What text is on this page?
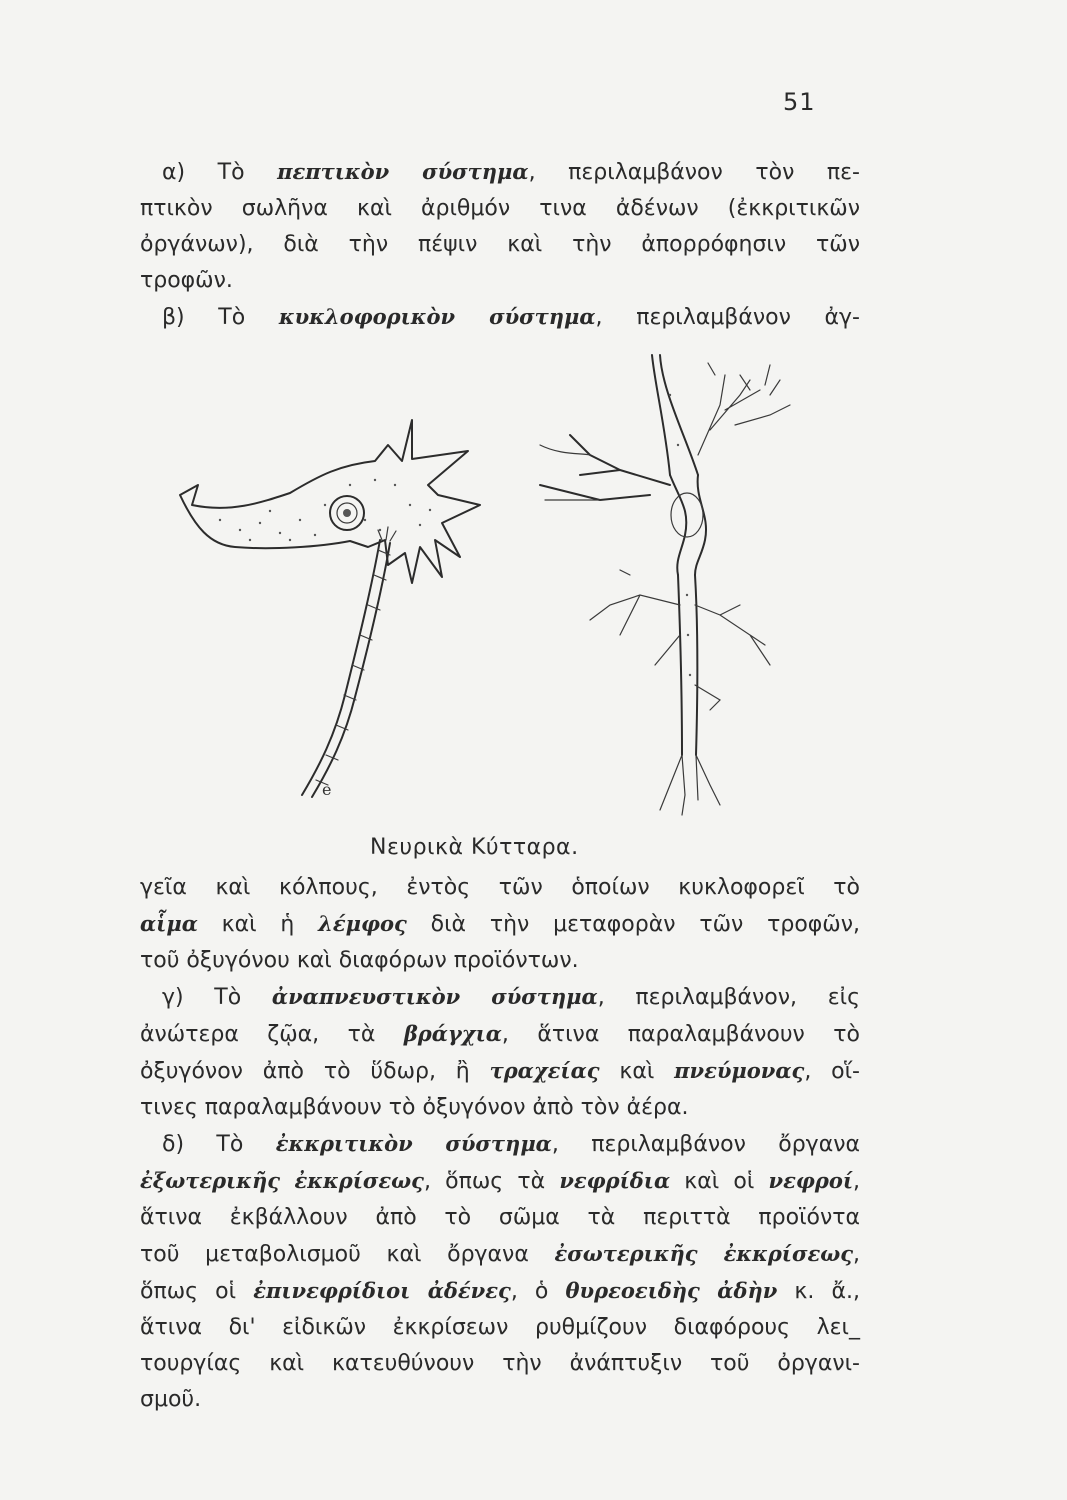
51
α) Τὸ πεπτικὸν σύστημα, περιλαμβάνον τὸν πε-
πτικὸν σωλῆνα καὶ ἀριθμόν τινα ἀδένων (ἐκκριτικῶν
ὀργάνων), διὰ τὴν πέψιν καὶ τὴν ἀπορρόφησιν τῶν
τροφῶν.
β) Τὸ κυκλοφορικὸν σύστημα, περιλαμβάνον ἀγ-
e
Νευρικὰ Κύτταρα.
γεῖα καὶ κόλπους, ἐντὸς τῶν ὁποίων κυκλοφορεῖ τὸ
αἷμα καὶ ἡ λέμφος διὰ τὴν μεταφορὰν τῶν τροφῶν,
τοῦ ὀξυγόνου καὶ διαφόρων προϊόντων.
γ) Τὸ ἀναπνευστικὸν σύστημα, περιλαμβάνον, εἰς
ἀνώτερα ζῷα, τὰ βράγχια, ἅτινα παραλαμβάνουν τὸ
ὀξυγόνον ἀπὸ τὸ ὕδωρ, ἢ τραχείας καὶ πνεύμονας, οἵ-
τινες παραλαμβάνουν τὸ ὀξυγόνον ἀπὸ τὸν ἀέρα.
δ) Τὸ ἐκκριτικὸν σύστημα, περιλαμβάνον ὄργανα
ἐξωτερικῆς ἐκκρίσεως, ὅπως τὰ νεφρίδια καὶ οἱ νεφροί,
ἅτινα ἐκβάλλουν ἀπὸ τὸ σῶμα τὰ περιττὰ προϊόντα
τοῦ μεταβολισμοῦ καὶ ὄργανα ἐσωτερικῆς ἐκκρίσεως,
ὅπως οἱ ἐπινεφρίδιοι ἀδένες, ὁ θυρεοειδὴς ἀδὴν κ. ἄ.,
ἅτινα δι' εἰδικῶν ἐκκρίσεων ρυθμίζουν διαφόρους λει_
τουργίας καὶ κατευθύνουν τὴν ἀνάπτυξιν τοῦ ὀργανι-
σμοῦ.
